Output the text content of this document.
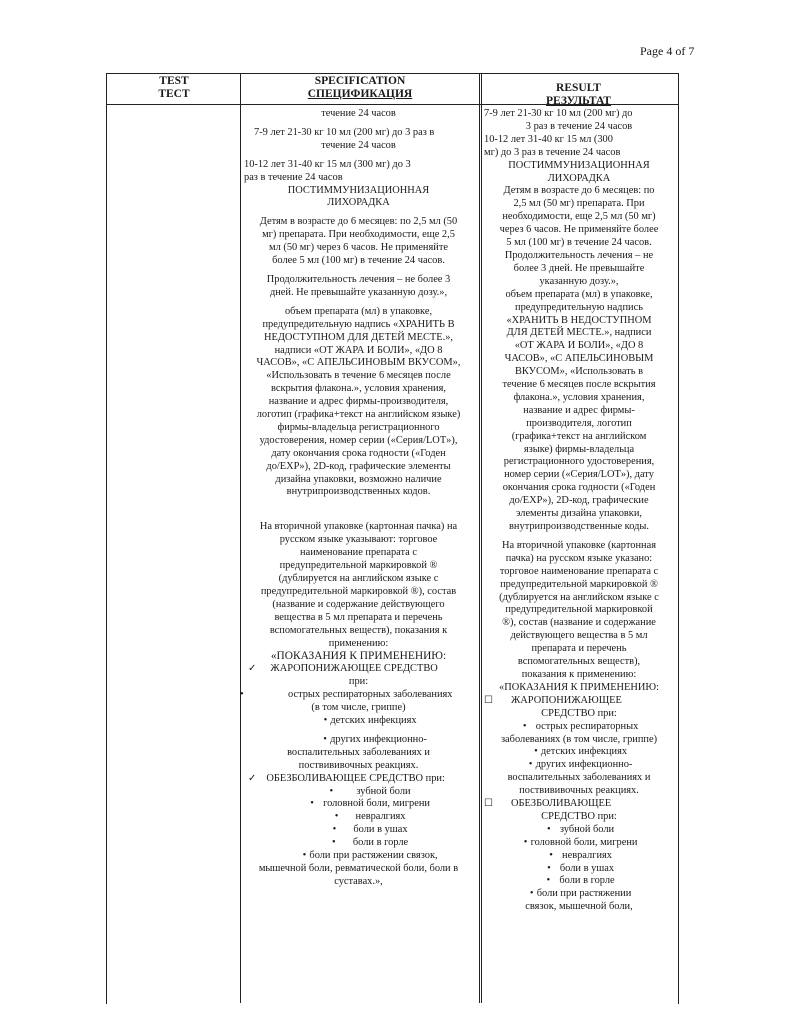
Page 4 of 7
TEST
ТЕСТ
SPECIFICATION
СПЕЦИФИКАЦИЯ	RESULT
РЕЗУЛЬТАТ

течение 24 часов

7-9 лет 21-30 кг 10 мл (200 мг) до 3 раз в

течение 24 часов

10-12 лет 31-40 кг 15 мл (300 мг) до 3

раз в течение 24 часов

ПОСТИММУНИЗАЦИОННАЯ

ЛИХОРАДКА

Детям в возрасте до 6 месяцев: по 2,5 мл (50

мг) препарата. При необходимости, еще 2,5

мл (50 мг) через 6 часов. Не применяйте

более 5 мл (100 мг) в течение 24 часов.

Продолжительность лечения – не более 3

дней. Не превышайте указанную дозу.»,

объем препарата (мл) в упаковке,

предупредительную надпись «ХРАНИТЬ В

НЕДОСТУПНОМ ДЛЯ ДЕТЕЙ МЕСТЕ.»,

надписи «ОТ ЖАРА И БОЛИ», «ДО 8

ЧАСОВ», «С АПЕЛЬСИНОВЫМ ВКУСОМ»,

«Использовать в течение 6 месяцев после

вскрытия флакона.», условия хранения,

название и адрес фирмы-производителя,

логотип (графика+текст на английском языке)

фирмы-владельца регистрационного

удостоверения, номер серии («Серия/LOT»),

дату окончания срока годности («Годен

до/EXP»), 2D-код, графические элементы

дизайна упаковки, возможно наличие

внутрипроизводственных кодов.

На вторичной упаковке (картонная пачка) на

русском языке указывают: торговое

наименование препарата с

предупредительной маркировкой ®

(дублируется на английском языке с

предупредительной маркировкой ®), состав

(название и содержание действующего

вещества в 5 мл препарата и перечень

вспомогательных веществ), показания к

применению:

«ПОКАЗАНИЯ К ПРИМЕНЕНИЮ:

✓ ЖАРОПОНИЖАЮЩЕЕ СРЕДСТВО

при:

•	острых респираторных заболеваниях

(в том числе, гриппе)

• детских инфекциях

• других инфекционно-

воспалительных заболеваниях и

поствививочных реакциях.

✓ ОБЕЗБОЛИВАЮЩЕЕ СРЕДСТВО при:

• зубной боли

• головной боли, мигрени

• невралгиях

• боли в ушах

• боли в горле

• боли при растяжении связок,

мышечной боли, ревматической боли, боли в

суставах.»,

7-9 лет 21-30 кг 10 мл (200 мг) до

3 раз в течение 24 часов

10-12 лет 31-40 кг 15 мл (300

мг) до 3 раз в течение 24 часов

ПОСТИММУНИЗАЦИОННАЯ

ЛИХОРАДКА

Детям в возрасте до 6 месяцев: по

2,5 мл (50 мг) препарата. При

необходимости, еще 2,5 мл (50 мг)

через 6 часов. Не применяйте более

5 мл (100 мг) в течение 24 часов.

Продолжительность лечения – не

более 3 дней. Не превышайте

указанную дозу.»,

объем препарата (мл) в упаковке,

предупредительную надпись

«ХРАНИТЬ В НЕДОСТУПНОМ

ДЛЯ ДЕТЕЙ МЕСТЕ.», надписи

«ОТ ЖАРА И БОЛИ», «ДО 8

ЧАСОВ», «С АПЕЛЬСИНОВЫМ

ВКУСОМ», «Использовать в

течение 6 месяцев после вскрытия

флакона.», условия хранения,

название и адрес фирмы-

производителя, логотип

(графика+текст на английском

языке) фирмы-владельца

регистрационного удостоверения,

номер серии («Серия/LOT»), дату

окончания срока годности («Годен

до/EXP»), 2D-код, графические

элементы дизайна упаковки,

внутрипроизводственные коды.

На вторичной упаковке (картонная

пачка) на русском языке указано:

торговое наименование препарата с

предупредительной маркировкой ®

(дублируется на английском языке с

предупредительной маркировкой

®), состав (название и содержание

действующего вещества в 5 мл

препарата и перечень

вспомогательных веществ),

показания к применению:

«ПОКАЗАНИЯ К ПРИМЕНЕНИЮ:

☐ ЖАРОПОНИЖАЮЩЕЕ

СРЕДСТВО при:

• острых респираторных

заболеваниях (в том числе, гриппе)

• детских инфекциях

• других инфекционно-

воспалительных заболеваниях и

поствививочных реакциях.

☐ ОБЕЗБОЛИВАЮЩЕЕ

СРЕДСТВО при:

• зубной боли

• головной боли, мигрени

• невралгиях

• боли в ушах

• боли в горле

• боли при растяжении

связок, мышечной боли,
